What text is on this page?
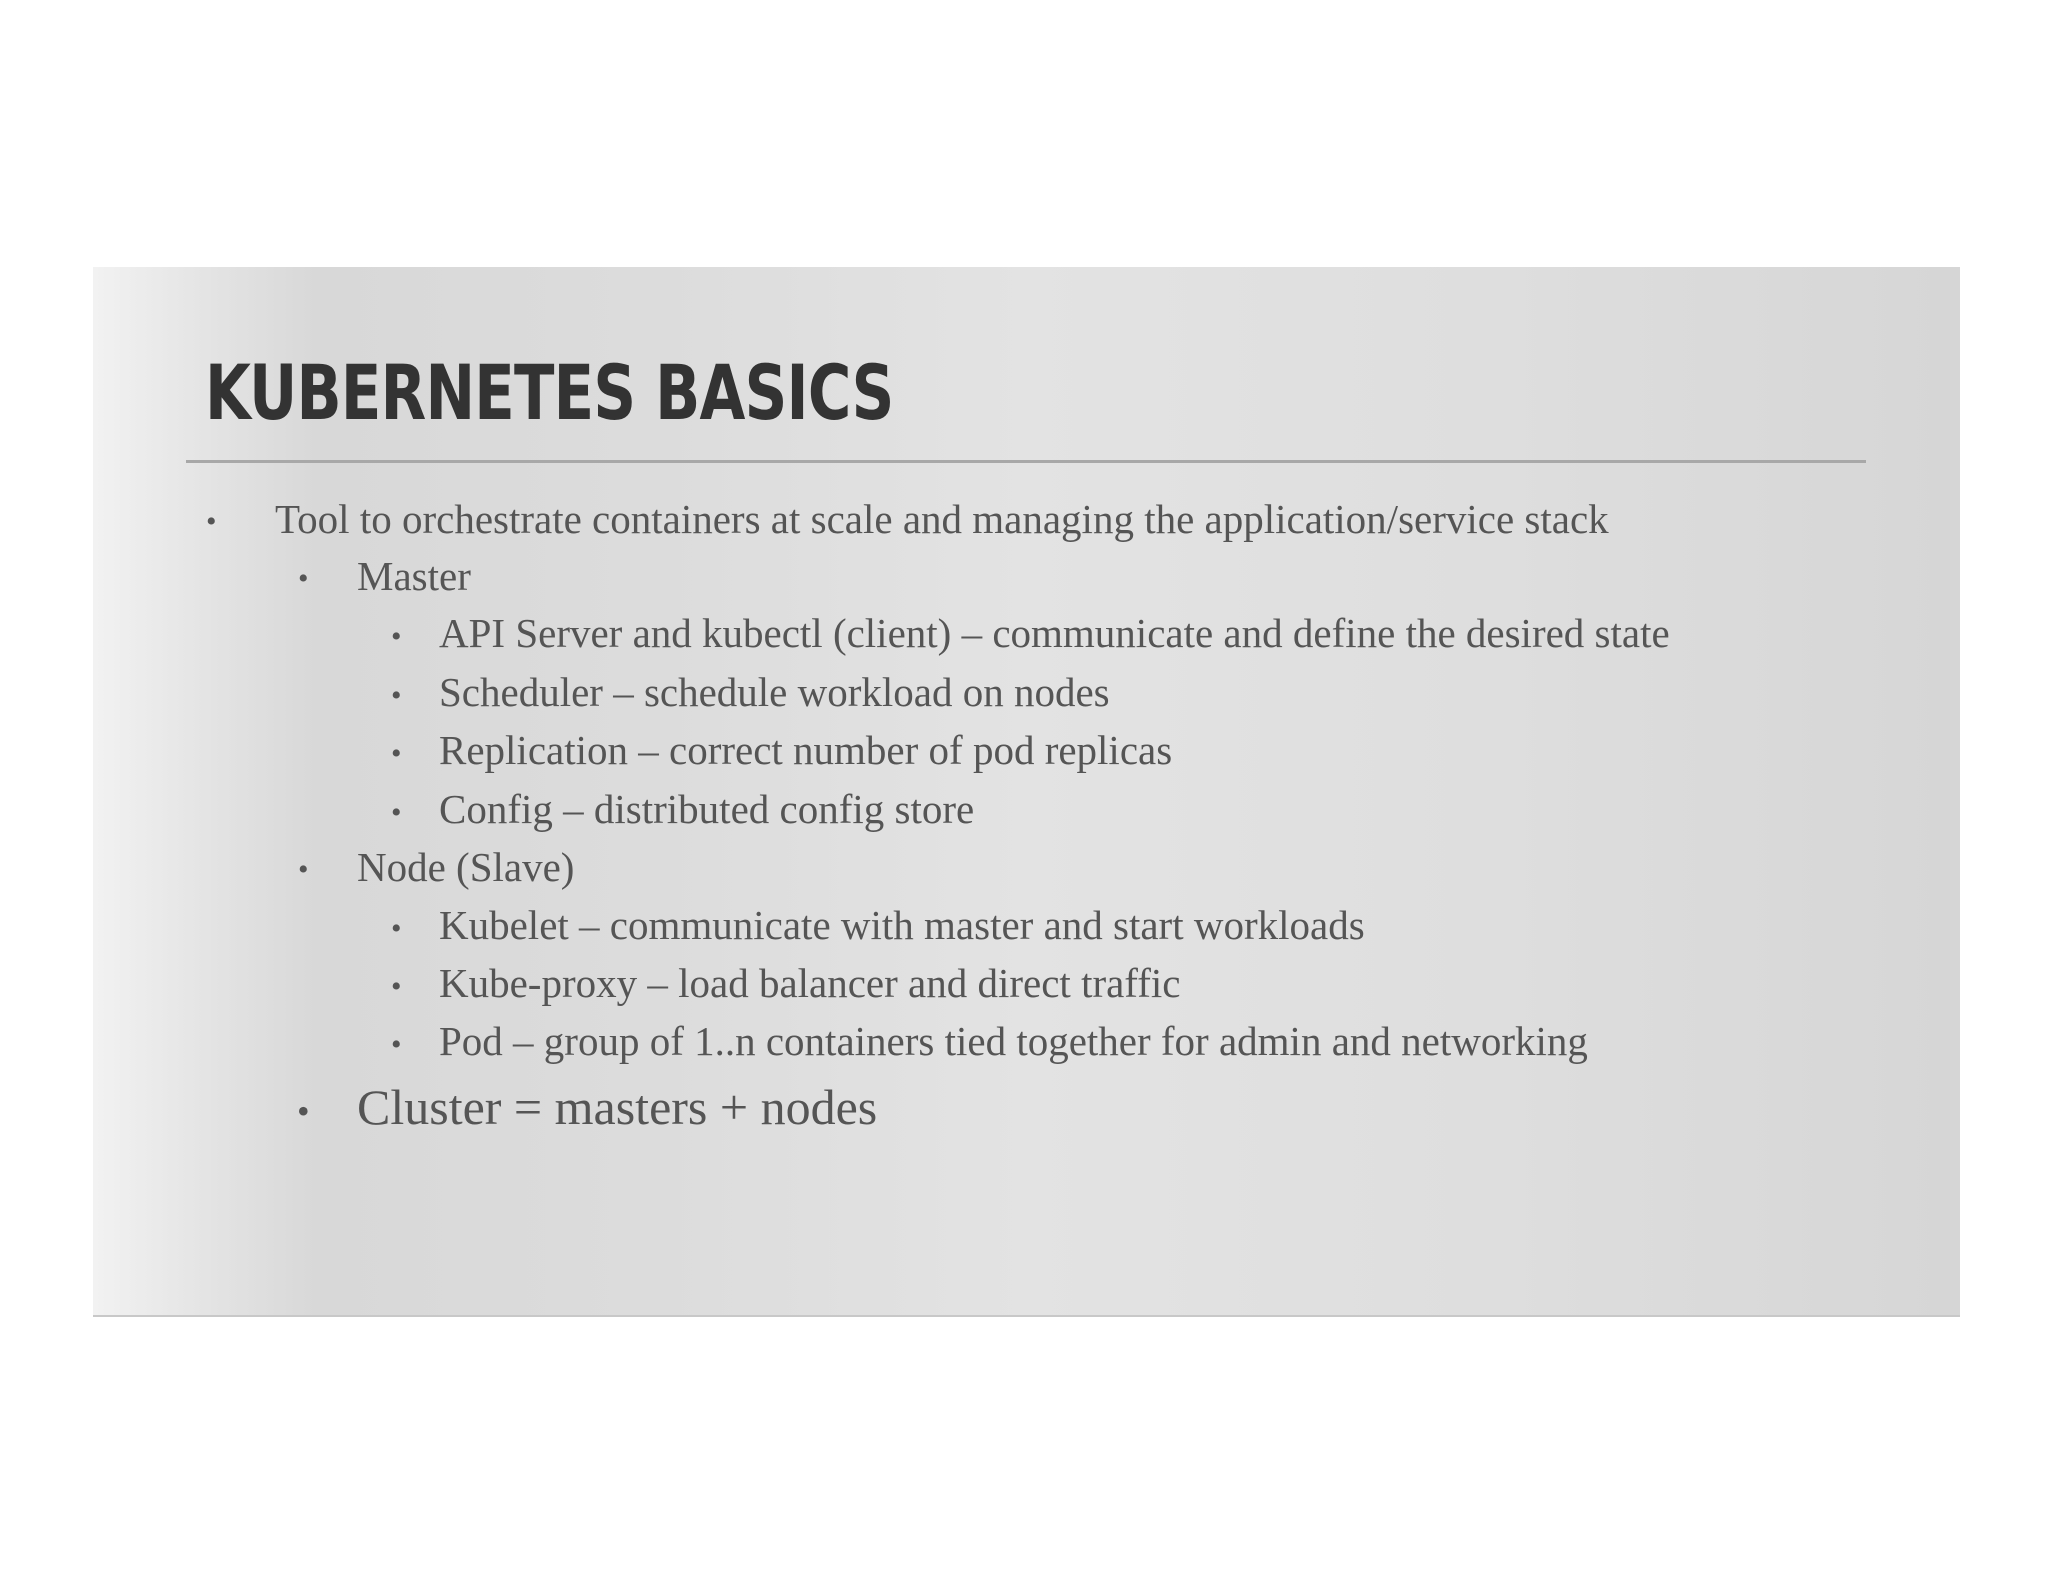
KUBERNETES BASICS
• Tool to orchestrate containers at scale and managing the application/service stack
• Master
• API Server and kubectl (client) – communicate and define the desired state
• Scheduler – schedule workload on nodes
• Replication – correct number of pod replicas
• Config – distributed config store
• Node (Slave)
• Kubelet – communicate with master and start workloads
• Kube-proxy – load balancer and direct traffic
• Pod – group of 1..n containers tied together for admin and networking
• Cluster = masters + nodes
